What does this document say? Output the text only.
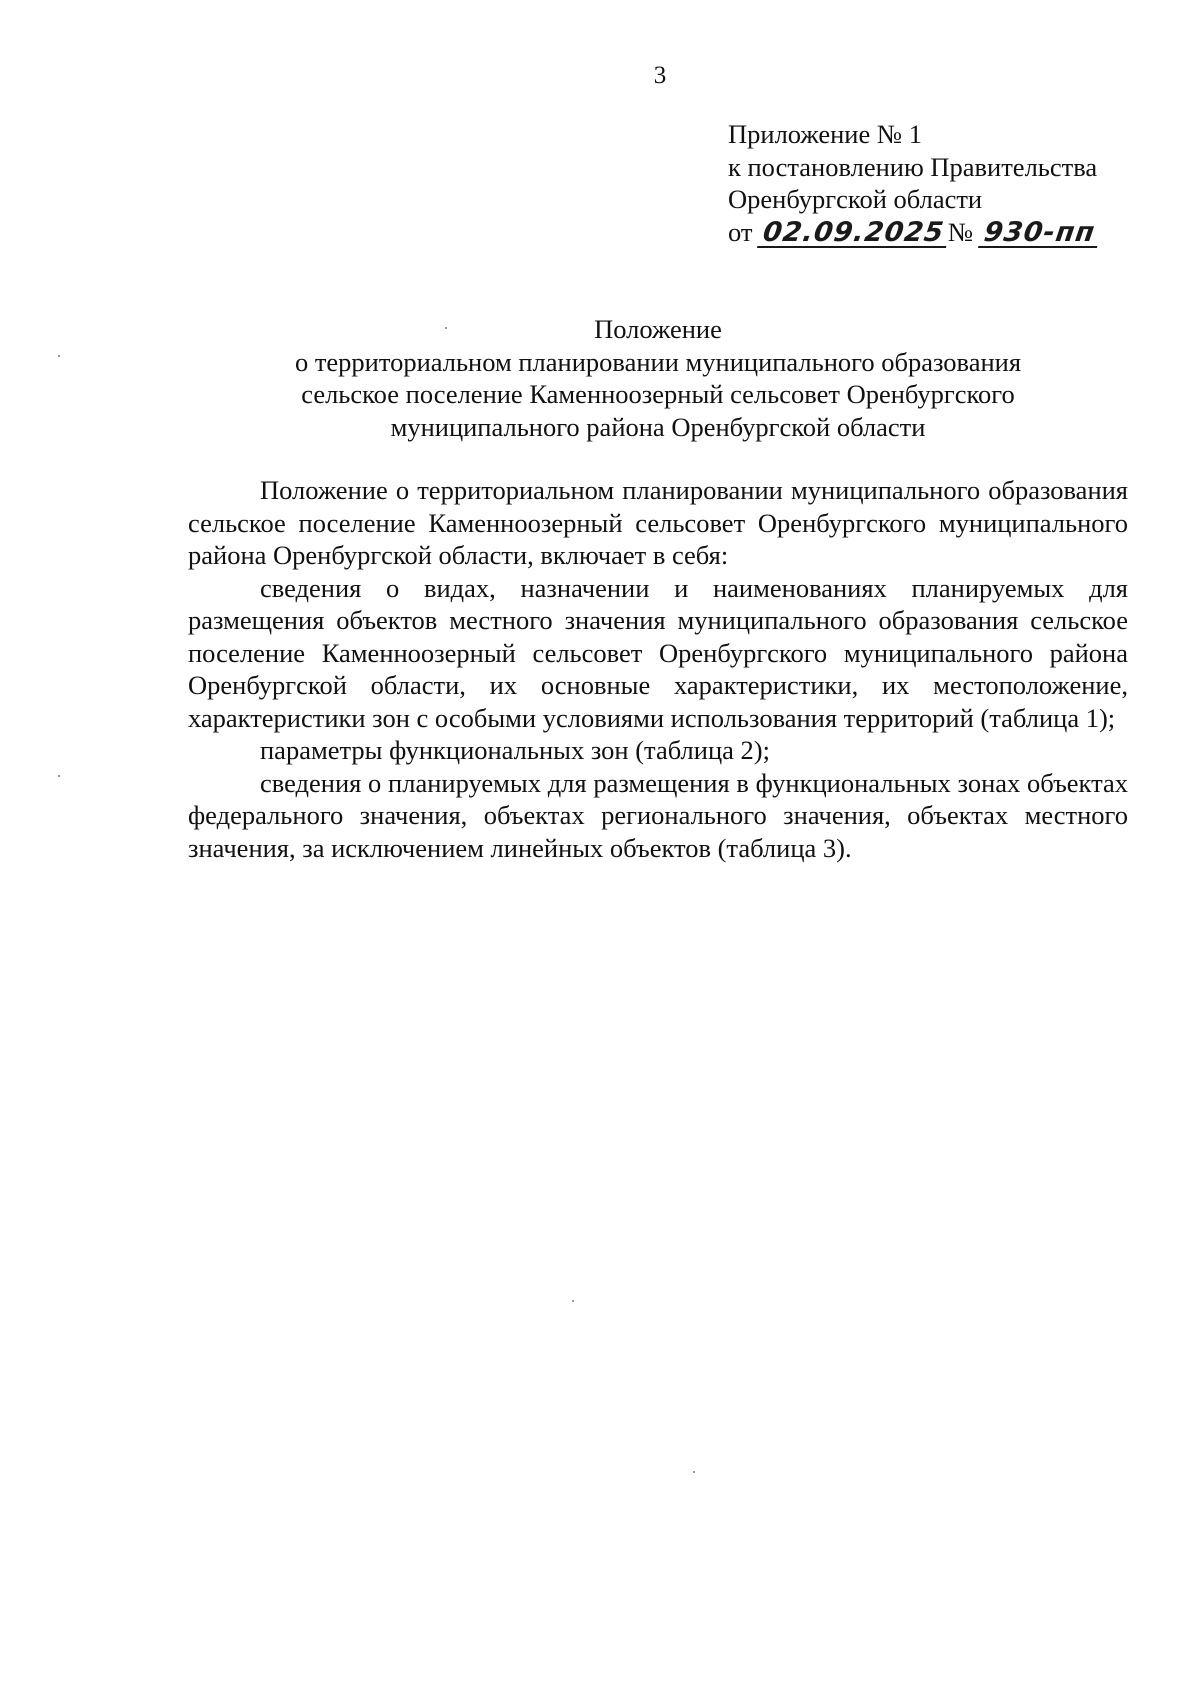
3
Приложение № 1
к постановлению Правительства
Оренбургской области
от 02.09.2025№ 930-пп
Положение
о территориальном планировании муниципального образования
сельское поселение Каменноозерный сельсовет Оренбургского
муниципального района Оренбургской области

Положение о территориальном планировании муниципального образования сельское поселение Каменноозерный сельсовет Оренбургского муниципального района Оренбургской области, включает в себя:

сведения о видах, назначении и наименованиях планируемых для размещения объектов местного значения муниципального образования сельское поселение Каменноозерный сельсовет Оренбургского муниципального района Оренбургской области, их основные характеристики, их местоположение, характеристики зон с особыми условиями использования территорий (таблица 1);

параметры функциональных зон (таблица 2);

сведения о планируемых для размещения в функциональных зонах объектах федерального значения, объектах регионального значения, объектах местного значения, за исключением линейных объектов (таблица 3).
